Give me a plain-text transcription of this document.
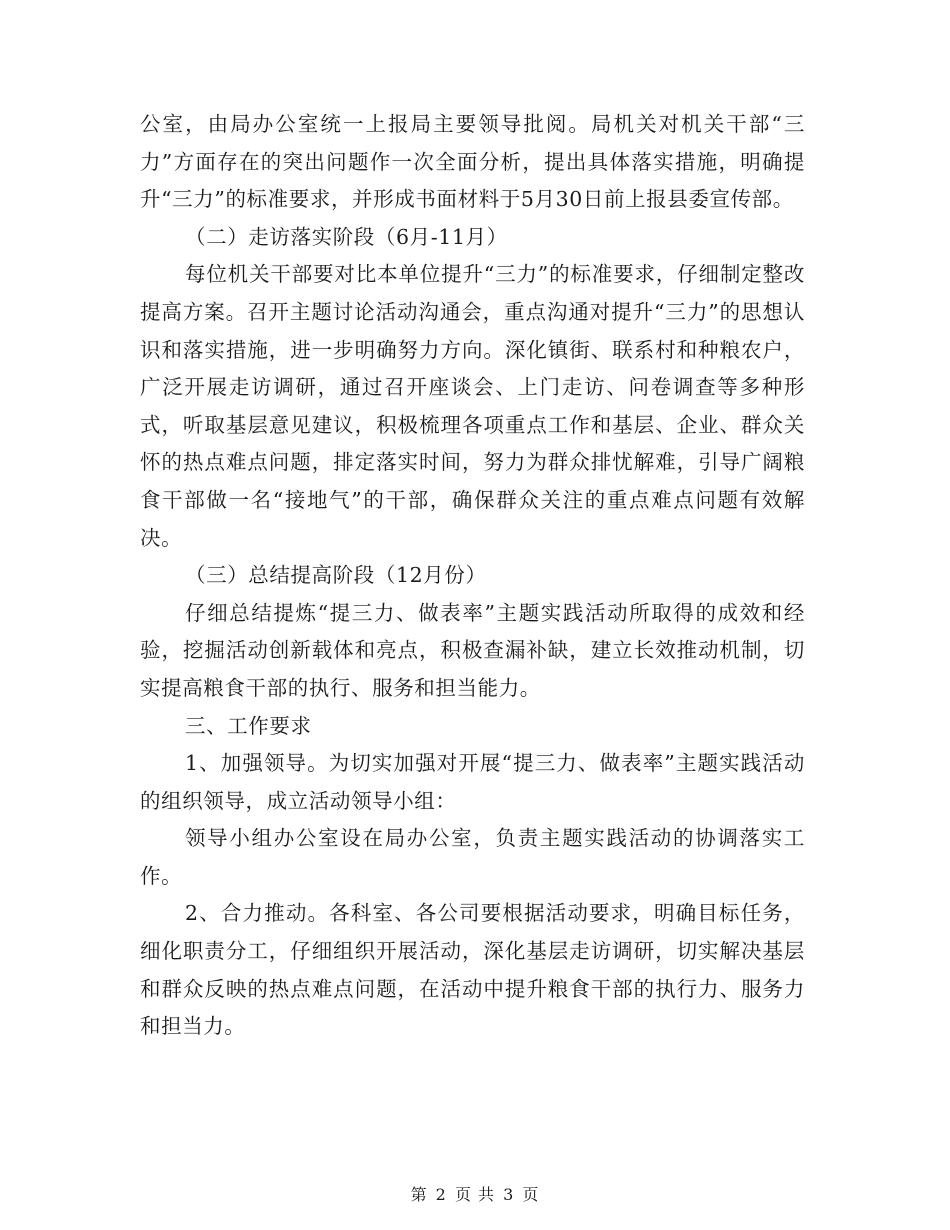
公室，由局办公室统一上报局主要领导批阅。局机关对机关干部“三力”方面存在的突出问题作一次全面分析，提出具体落实措施，明确提升“三力”的标准要求，并形成书面材料于5月30日前上报县委宣传部。

（二）走访落实阶段（6月-11月）

每位机关干部要对比本单位提升“三力”的标准要求，仔细制定整改提高方案。召开主题讨论活动沟通会，重点沟通对提升“三力”的思想认识和落实措施，进一步明确努力方向。深化镇街、联系村和种粮农户，广泛开展走访调研，通过召开座谈会、上门走访、问卷调查等多种形式，听取基层意见建议，积极梳理各项重点工作和基层、企业、群众关怀的热点难点问题，排定落实时间，努力为群众排忧解难，引导广阔粮食干部做一名“接地气”的干部，确保群众关注的重点难点问题有效解决。

（三）总结提高阶段（12月份）

仔细总结提炼“提三力、做表率”主题实践活动所取得的成效和经验，挖掘活动创新载体和亮点，积极查漏补缺，建立长效推动机制，切实提高粮食干部的执行、服务和担当能力。

三、工作要求

1、加强领导。为切实加强对开展“提三力、做表率”主题实践活动的组织领导，成立活动领导小组：

领导小组办公室设在局办公室，负责主题实践活动的协调落实工作。

2、合力推动。各科室、各公司要根据活动要求，明确目标任务，细化职责分工，仔细组织开展活动，深化基层走访调研，切实解决基层和群众反映的热点难点问题，在活动中提升粮食干部的执行力、服务力和担当力。

第 2 页 共 3 页
